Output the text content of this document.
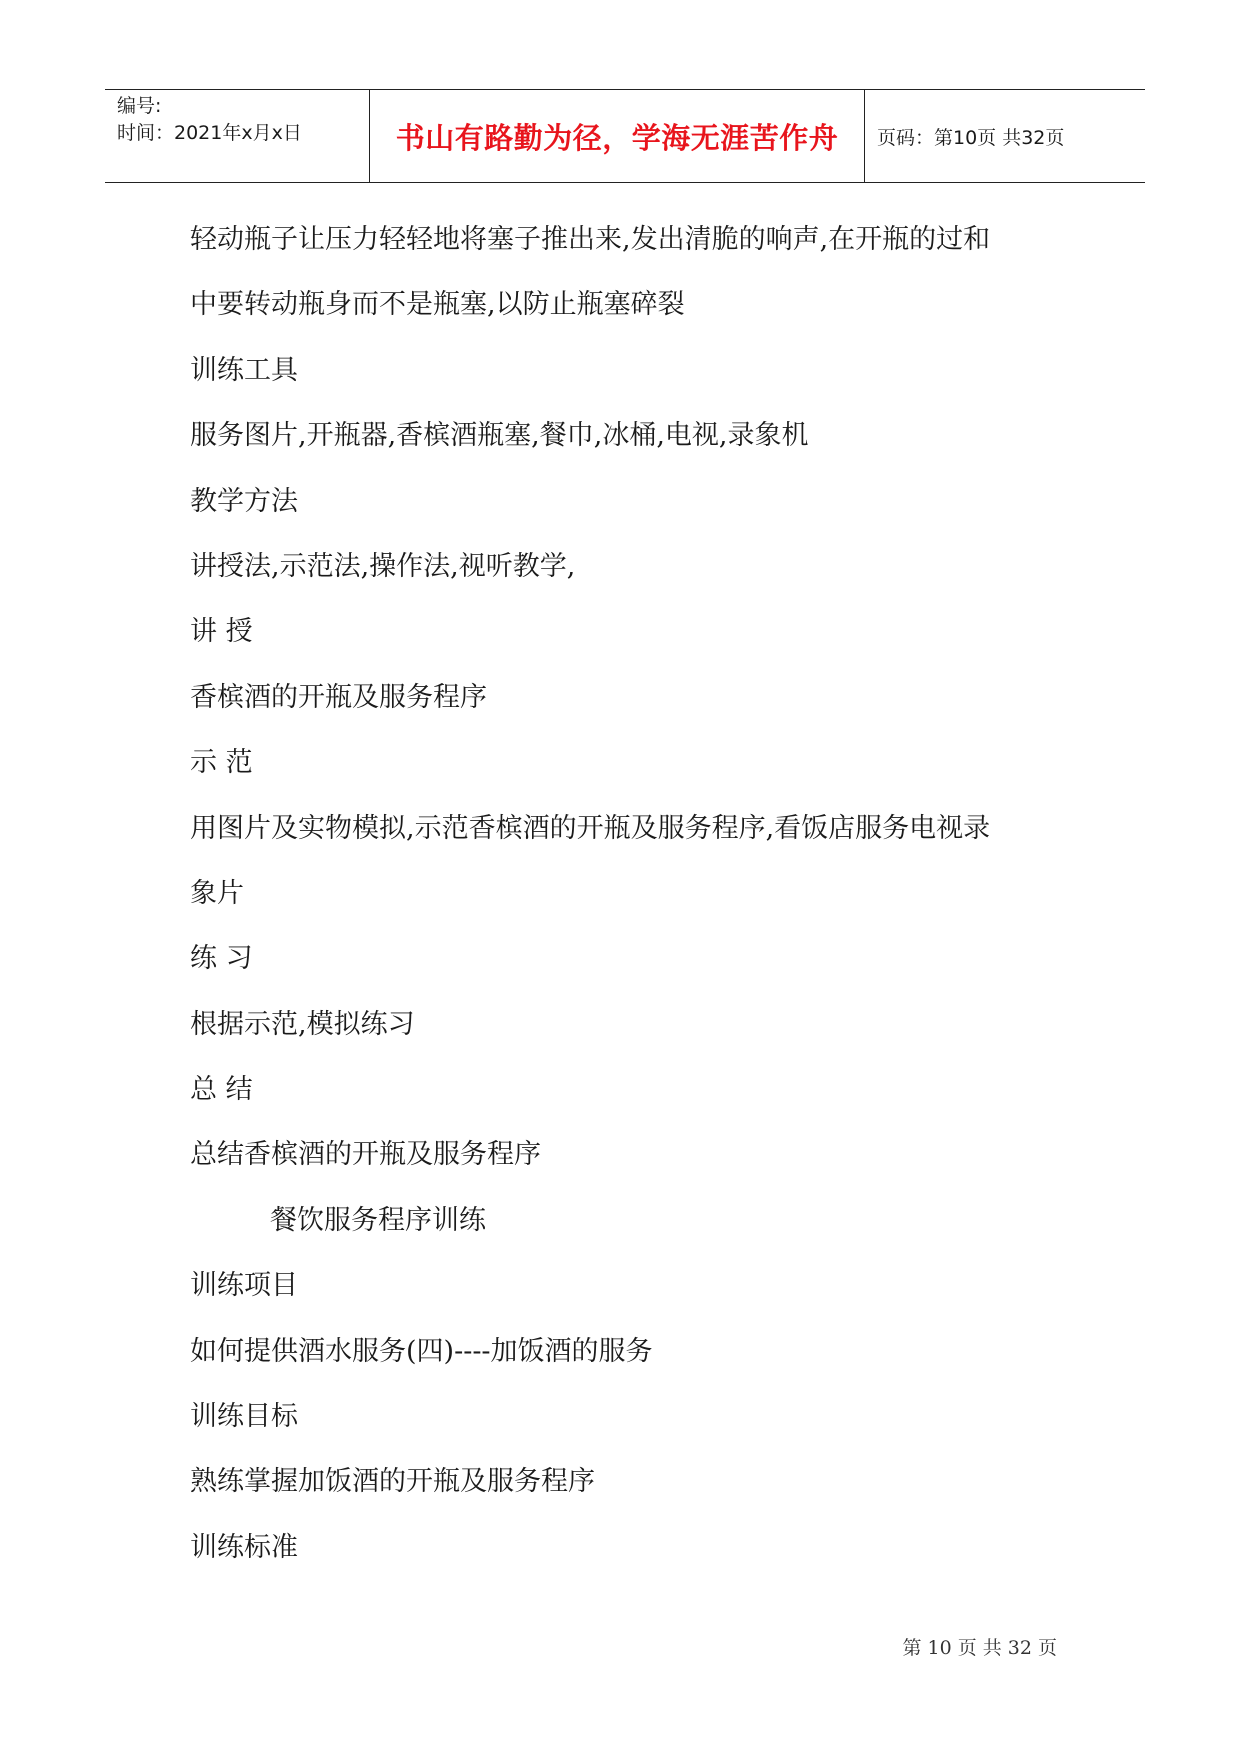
编号:
时间：2021年x月x日	书山有路勤为径，学海无涯苦作舟 页码：第10页 共32页
轻动瓶子让压力轻轻地将塞子推出来,发出清脆的响声,在开瓶的过和
中要转动瓶身而不是瓶塞,以防止瓶塞碎裂
训练工具
服务图片,开瓶器,香槟酒瓶塞,餐巾,冰桶,电视,录象机
教学方法
讲授法,示范法,操作法,视听教学,
讲 授
香槟酒的开瓶及服务程序
示 范
用图片及实物模拟,示范香槟酒的开瓶及服务程序,看饭店服务电视录
象片
练 习
根据示范,模拟练习
总 结
总结香槟酒的开瓶及服务程序
餐饮服务程序训练
训练项目
如何提供酒水服务(四)----加饭酒的服务
训练目标
熟练掌握加饭酒的开瓶及服务程序
训练标准
第 10 页 共 32 页
